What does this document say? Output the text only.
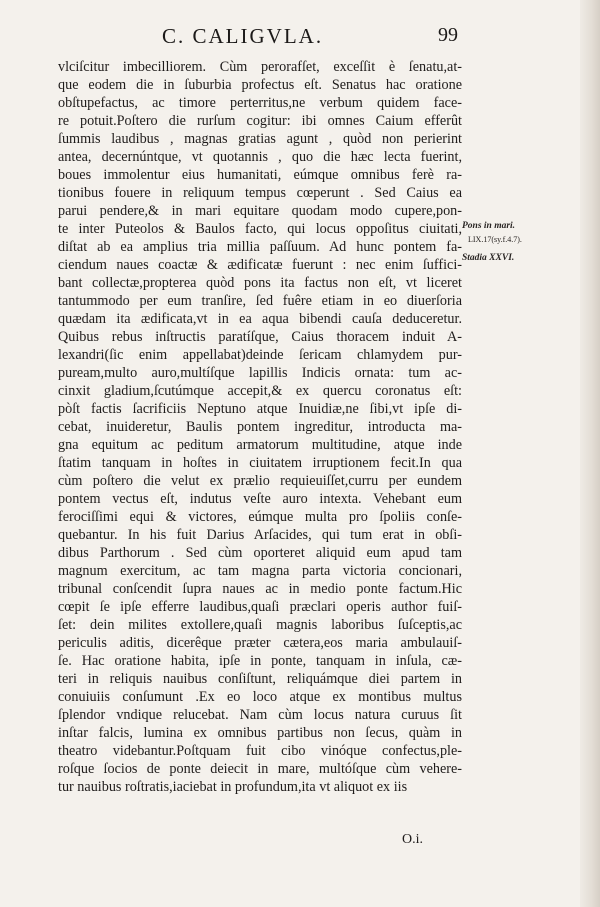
C. CALIGVLA.	99
vlciſcitur imbecilliorem. Cùm perorafſet, exceſſit è ſenatu,at-
que eodem die in ſuburbia profectus eſt. Senatus hac oratione
obſtupefactus, ac timore perterritus,ne verbum quidem face-
re potuit.Poſtero die rurſum cogitur: ibi omnes Caium efferût
ſummis laudibus , magnas gratias agunt , quòd non perierint
antea, decernúntque, vt quotannis , quo die hæc lecta fuerint,
boues immolentur eius humanitati, eúmque omnibus ferè ra-
tionibus fouere in reliquum tempus cœperunt . Sed Caius ea
parui pendere,& in mari equitare quodam modo cupere,pon-
te inter Puteolos & Baulos facto, qui locus oppoſitus ciuitati,
diſtat ab ea amplius tria millia paſſuum. Ad hunc pontem fa-
ciendum naues coactæ & ædificatæ fuerunt : nec enim ſuffici-
bant collectæ,propterea quòd pons ita factus non eſt, vt liceret
tantummodo per eum tranſire, ſed fuêre etiam in eo diuerſoria
quædam ita ædificata,vt in ea aqua bibendi cauſa deduceretur.
Quibus rebus inſtructis paratíſque, Caius thoracem induit A-
lexandri(ſic enim appellabat)deinde ſericam chlamydem pur-
puream,multo auro,multíſque lapillis Indicis ornata: tum ac-
cinxit gladium,ſcutúmque accepit,& ex quercu coronatus eſt:
pòſt factis ſacrificiis Neptuno atque Inuidiæ,ne ſibi,vt ipſe di-
cebat, inuideretur, Baulis pontem ingreditur, introducta ma-
gna equitum ac peditum armatorum multitudine, atque inde
ſtatim tanquam in hoſtes in ciuitatem irruptionem fecit.In qua
cùm poſtero die velut ex prælio requieuiſſet,curru per eundem
pontem vectus eſt, indutus veſte auro intexta. Vehebant eum
ferociſſimi equi & victores, eúmque multa pro ſpoliis conſe-
quebantur. In his fuit Darius Arſacides, qui tum erat in obſi-
dibus Parthorum . Sed cùm oporteret aliquid eum apud tam
magnum exercitum, ac tam magna parta victoria concionari,
tribunal conſcendit ſupra naues ac in medio ponte factum.Hic
cœpit ſe ipſe efferre laudibus,quaſi præclari operis author fuiſ-
ſet: dein milites extollere,quaſi magnis laboribus ſuſceptis,ac
periculis aditis, dicerêque præter cætera,eos maria ambulauiſ-
ſe. Hac oratione habita, ipſe in ponte, tanquam in inſula, cæ-
teri in reliquis nauibus conſiſtunt, reliquámque diei partem in
conuiuiis conſumunt .Ex eo loco atque ex montibus multus
ſplendor vndique relucebat. Nam cùm locus natura curuus ſit
inſtar falcis, lumina ex omnibus partibus non ſecus, quàm in
theatro videbantur.Poſtquam fuit cibo vinóque confectus,ple-
roſque ſocios de ponte deiecit in mare, multóſque cùm vehere-
tur nauibus roſtratis,iaciebat in profundum,ita vt aliquot ex iis
O.i.
Pons in mari.
LIX.17(sy.f.4.7).
Stadia XXVI.
